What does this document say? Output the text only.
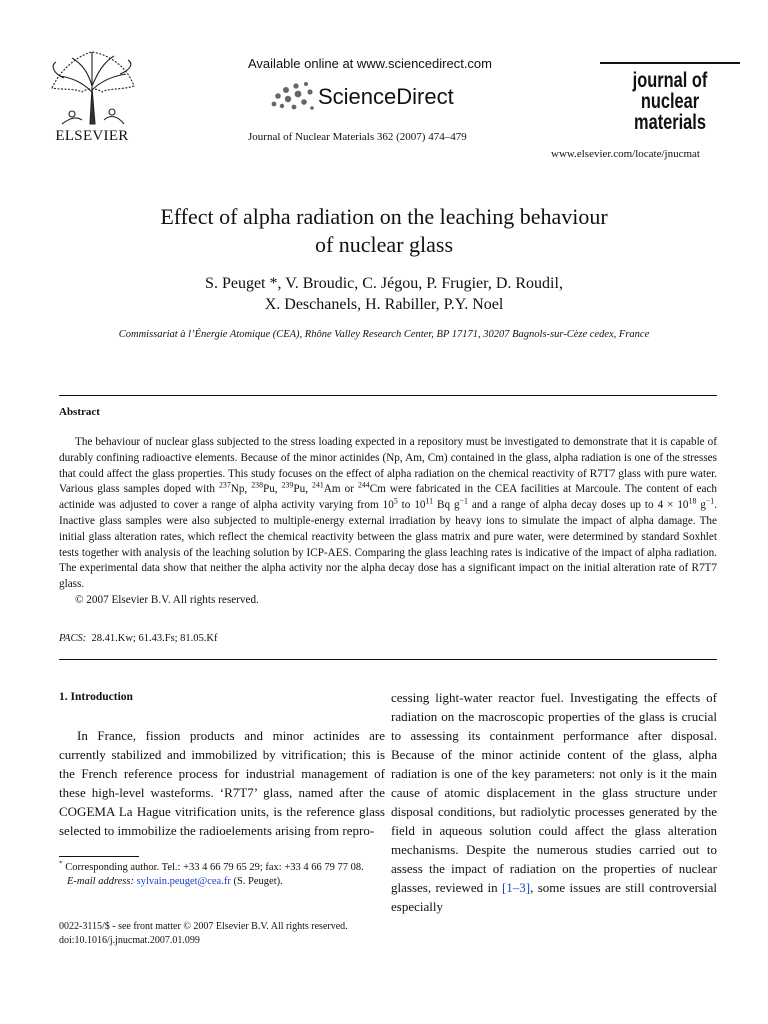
ELSEVIER
Available online at www.sciencedirect.com
ScienceDirect
Journal of Nuclear Materials 362 (2007) 474–479
journal of
nuclear
materials
www.elsevier.com/locate/jnucmat
Effect of alpha radiation on the leaching behaviour
of nuclear glass
S. Peuget *, V. Broudic, C. Jégou, P. Frugier, D. Roudil,
X. Deschanels, H. Rabiller, P.Y. Noel
Commissariat à l’Énergie Atomique (CEA), Rhône Valley Research Center, BP 17171, 30207 Bagnols-sur-Cèze cedex, France
Abstract

The behaviour of nuclear glass subjected to the stress loading expected in a repository must be investigated to demonstrate that it is capable of durably confining radioactive elements. Because of the minor actinides (Np, Am, Cm) contained in the glass, alpha radiation is one of the stresses that could affect the glass properties. This study focuses on the effect of alpha radiation on the chemical reactivity of R7T7 glass with pure water. Various glass samples doped with $^{237}$Np, $^{238}$Pu, $^{239}$Pu, $^{241}$Am or $^{244}$Cm were fabricated in the CEA facilities at Marcoule. The content of each actinide was adjusted to cover a range of alpha activity varying from $10^5$ to $10^{11}$ Bq $g^{-1}$ and a range of alpha decay doses up to $4 \times 10^{18}$ $g^{-1}$. Inactive glass samples were also subjected to multiple-energy external irradiation by heavy ions to simulate the impact of alpha damage. The initial glass alteration rates, which reflect the chemical reactivity between the glass matrix and pure water, were determined by standard Soxhlet tests together with analysis of the leaching solution by ICP-AES. Comparing the glass leaching rates is indicative of the impact of alpha radiation. The experimental data show that neither the alpha activity nor the alpha decay dose has a significant impact on the initial alteration rate of R7T7 glass.

© 2007 Elsevier B.V. All rights reserved.

PACS: 28.41.Kw; 61.43.Fs; 81.05.Kf
1. Introduction

In France, fission products and minor actinides are currently stabilized and immobilized by vitrification; this is the French reference process for industrial management of these high-level wasteforms. ‘R7T7’ glass, named after the COGEMA La Hague vitrification units, is the reference glass selected to immobilize the radioelements arising from repro-

cessing light-water reactor fuel. Investigating the effects of radiation on the macroscopic properties of the glass is crucial to assessing its containment performance after disposal. Because of the minor actinide content of the glass, alpha radiation is one of the key parameters: not only is it the main cause of atomic displacement in the glass structure under disposal conditions, but radiolytic processes generated by the field in aqueous solution could affect the glass alteration mechanisms. Despite the numerous studies carried out to assess the impact of radiation on the properties of nuclear glasses, reviewed in [1–3], some issues are still controversial especially

* Corresponding author. Tel.: +33 4 66 79 65 29; fax: +33 4 66 79 77 08.
E-mail address: sylvain.peuget@cea.fr (S. Peuget).
0022-3115/$ - see front matter © 2007 Elsevier B.V. All rights reserved.
doi:10.1016/j.jnucmat.2007.01.099
